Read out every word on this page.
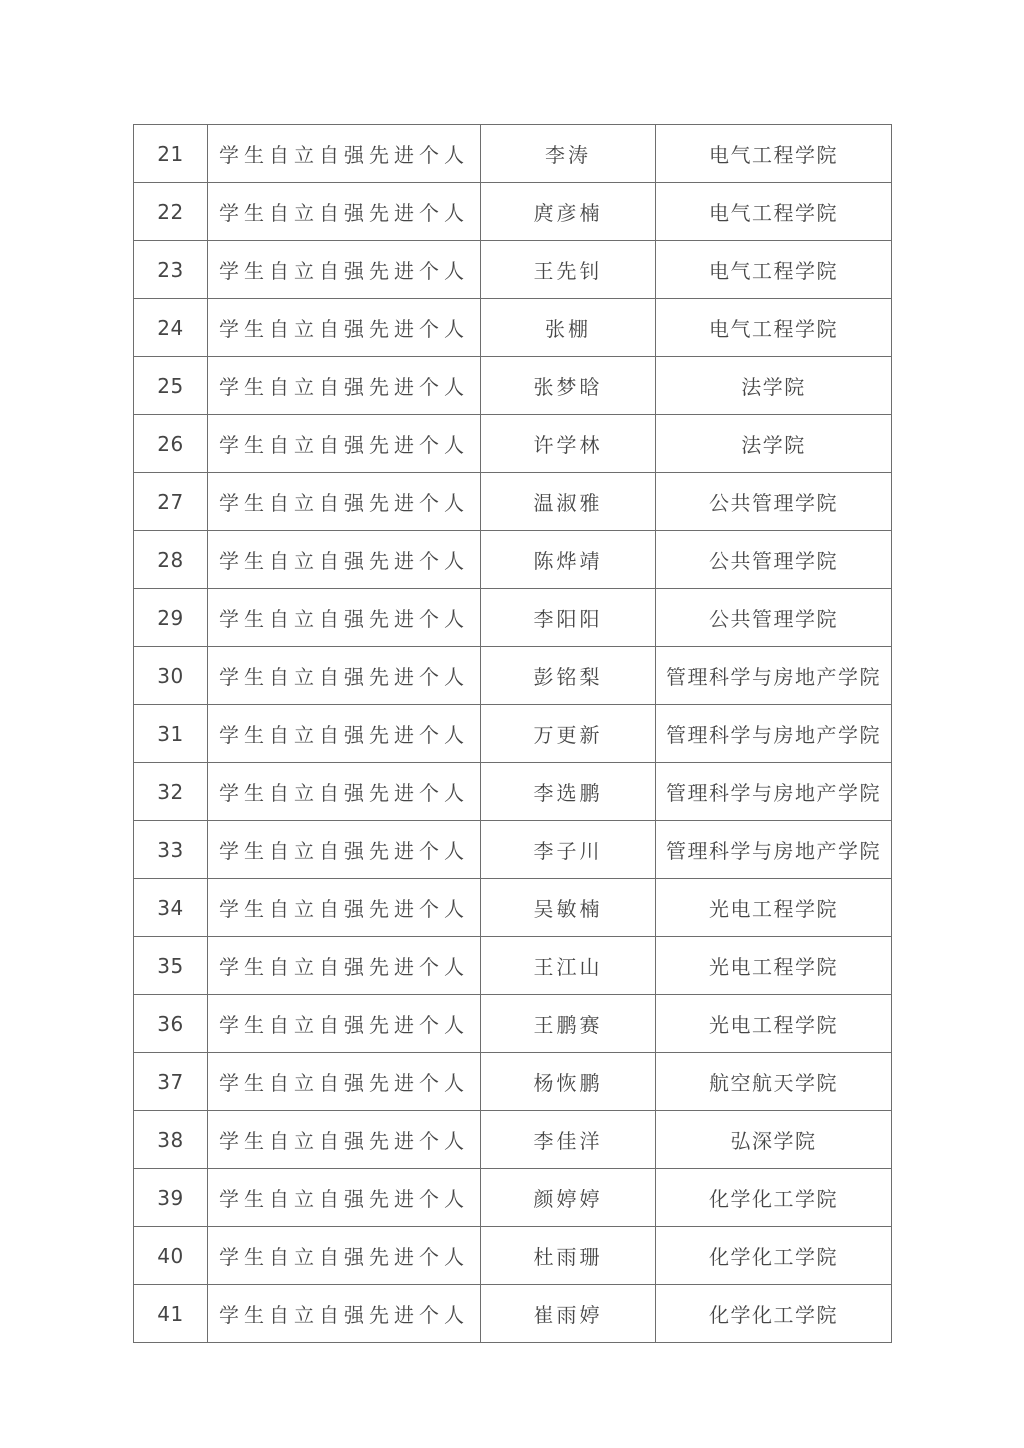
21	学生自立自强先进个人	李涛	电气工程学院
22	学生自立自强先进个人	庹彦楠	电气工程学院
23	学生自立自强先进个人	王先钊	电气工程学院
24	学生自立自强先进个人	张棚	电气工程学院
25	学生自立自强先进个人	张梦晗	法学院
26	学生自立自强先进个人	许学林	法学院
27	学生自立自强先进个人	温淑雅	公共管理学院
28	学生自立自强先进个人	陈烨靖	公共管理学院
29	学生自立自强先进个人	李阳阳	公共管理学院
30	学生自立自强先进个人	彭铭梨	管理科学与房地产学院
31	学生自立自强先进个人	万更新	管理科学与房地产学院
32	学生自立自强先进个人	李选鹏	管理科学与房地产学院
33	学生自立自强先进个人	李子川	管理科学与房地产学院
34	学生自立自强先进个人	吴敏楠	光电工程学院
35	学生自立自强先进个人	王江山	光电工程学院
36	学生自立自强先进个人	王鹏赛	光电工程学院
37	学生自立自强先进个人	杨恢鹏	航空航天学院
38	学生自立自强先进个人	李佳洋	弘深学院
39	学生自立自强先进个人	颜婷婷	化学化工学院
40	学生自立自强先进个人	杜雨珊	化学化工学院
41	学生自立自强先进个人	崔雨婷	化学化工学院
